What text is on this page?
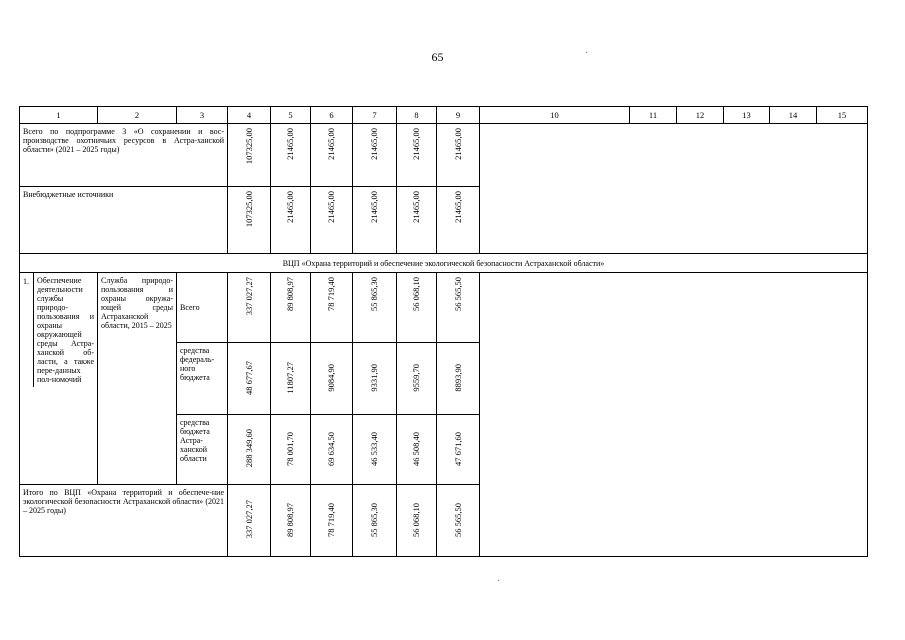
65
1	2	3	4	5	6	7	8	9	10	11	12	13	14	15

Всего по подпрограмме 3 «О сохранении и вос-производстве охотничьих ресурсов в Астра-ханской области» (2021 – 2025 годы)			107325,00	21465,00	21465,00	21465,00	21465,00	21465,00						

Внебюджетные источники			107325,00	21465,00	21465,00	21465,00	21465,00	21465,00						
ВЦП «Охрана территорий и обеспечение экологической безопасности Астраханской области»														

1. Обеспечение деятельности службы природо-пользования и охраны окружающей среды Астра-ханской об-ласти, а также пере-данных пол-номочий	Служба природо-пользования и охраны окружа-ющей среды Астраханской области, 2015 – 2025	Всего	337 027,27	89 808,97	78 719,40	55 865,30	56 068,10	56 565,50						

		средства федераль-ного бюджета	48 677,67	11807,27	9084,90	9331,90	9559,70	8893,90						

		средства бюджета Астра-ханской области	288 349,60	78 001,70	69 634,50	46 533,40	46 508,40	47 671,60						

Итого по ВЦП «Охрана территорий и обеспече-ние экологической безопасности Астраханской области» (2021 – 2025 годы)			337 027,27	89 808,97	78 719,40	55 865,30	56 068,10	56 565,50						
